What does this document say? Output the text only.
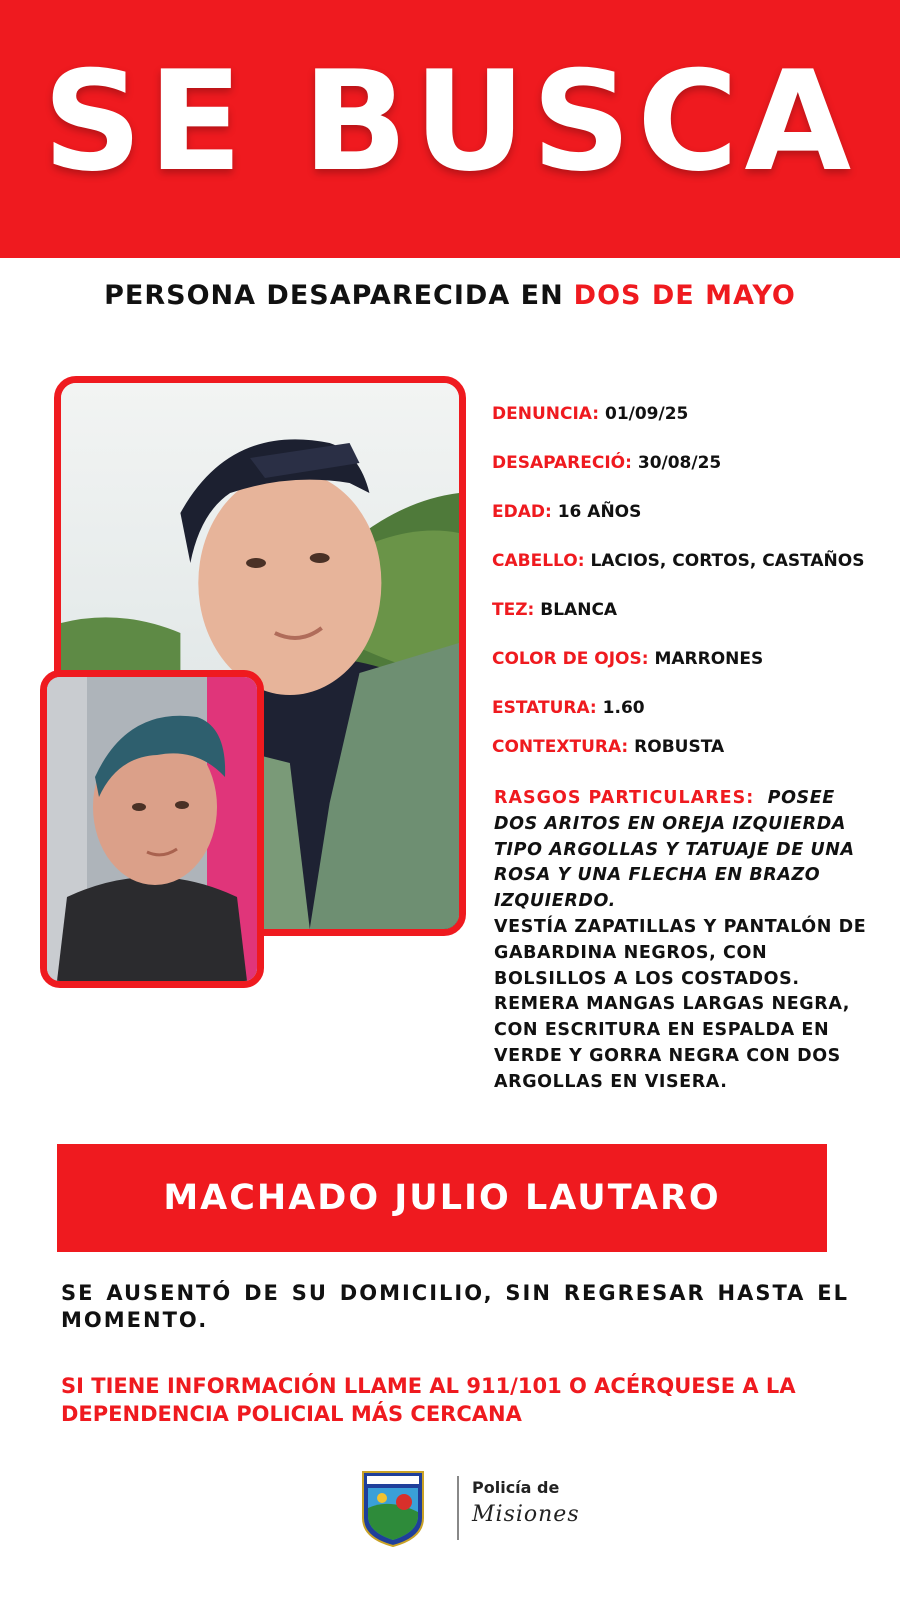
SE BUSCA
PERSONA DESAPARECIDA EN DOS DE MAYO
DENUNCIA: 01/09/25
DESAPARECIÓ: 30/08/25
EDAD: 16 AÑOS
CABELLO: LACIOS, CORTOS, CASTAÑOS
TEZ: BLANCA
COLOR DE OJOS: MARRONES
ESTATURA: 1.60
CONTEXTURA: ROBUSTA
RASGOS PARTICULARES: POSEE DOS ARITOS EN OREJA IZQUIERDA TIPO ARGOLLAS Y TATUAJE DE UNA ROSA Y UNA FLECHA EN BRAZO IZQUIERDO.
VESTÍA ZAPATILLAS Y PANTALÓN DE GABARDINA NEGROS, CON BOLSILLOS A LOS COSTADOS. REMERA MANGAS LARGAS NEGRA, CON ESCRITURA EN ESPALDA EN VERDE Y GORRA NEGRA CON DOS ARGOLLAS EN VISERA.
MACHADO JULIO LAUTARO
SE AUSENTÓ DE SU DOMICILIO, SIN REGRESAR HASTA EL MOMENTO.
SI TIENE INFORMACIÓN LLAME AL 911/101 O ACÉRQUESE A LA DEPENDENCIA POLICIAL MÁS CERCANA
Policía de
Misiones
